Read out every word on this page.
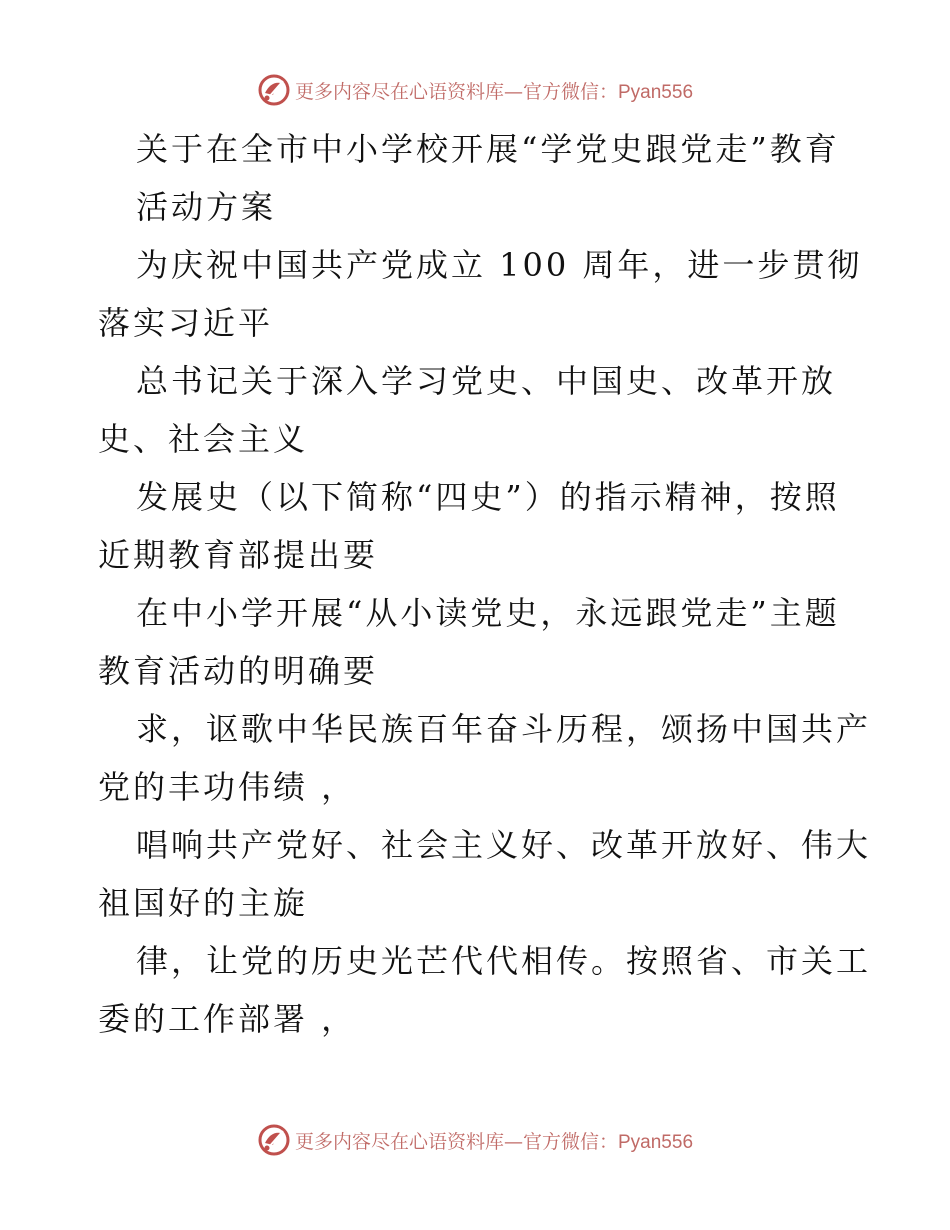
更多内容尽在心语资料库—官方微信：Pyan556
关于在全市中小学校开展“学党史跟党走”教育
活动方案
为庆祝中国共产党成立 100 周年，进一步贯彻
落实习近平
总书记关于深入学习党史、中国史、改革开放
史、社会主义
发展史（以下简称“四史”）的指示精神，按照
近期教育部提出要
在中小学开展“从小读党史，永远跟党走”主题
教育活动的明确要
求，讴歌中华民族百年奋斗历程，颂扬中国共产
党的丰功伟绩 ，
唱响共产党好、社会主义好、改革开放好、伟大
祖国好的主旋
律，让党的历史光芒代代相传。按照省、市关工
委的工作部署 ，
更多内容尽在心语资料库—官方微信：Pyan556
